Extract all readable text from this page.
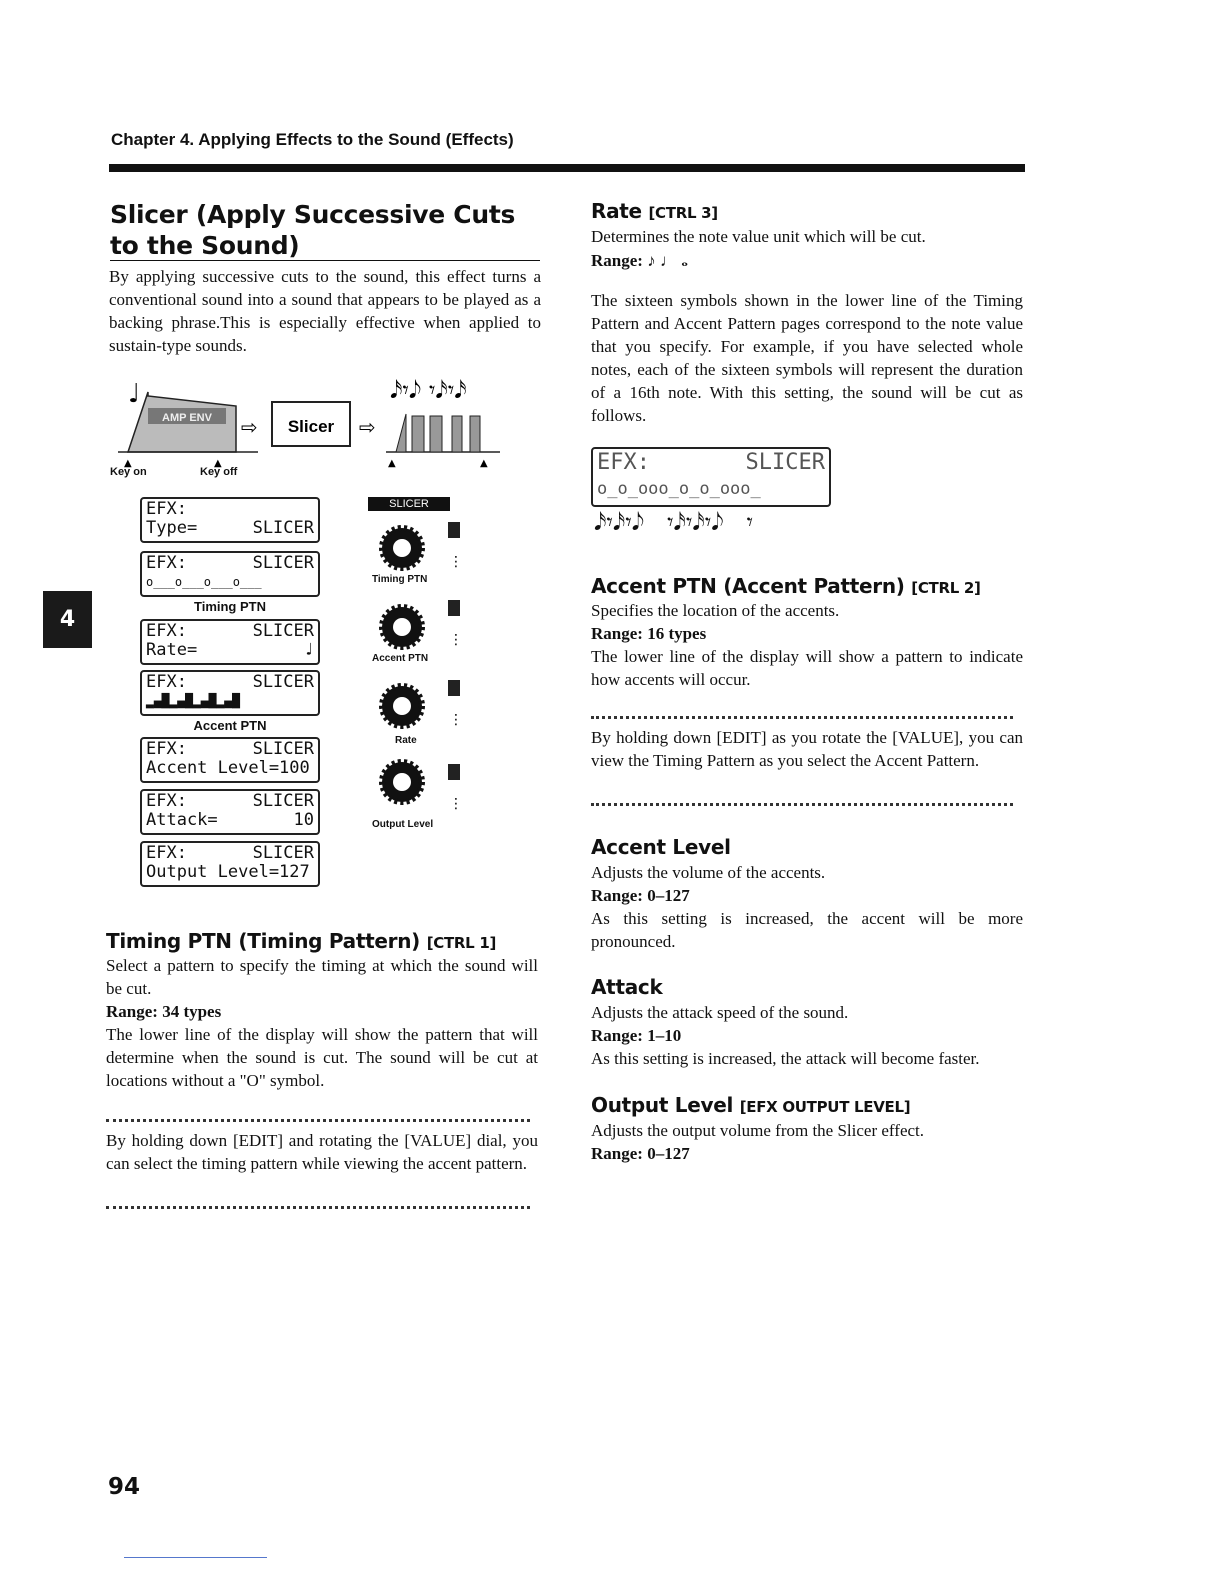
Chapter 4. Applying Effects to the Sound (Effects)
4
Slicer (Apply Successive Cuts to the Sound)
By applying successive cuts to the sound, this effect turns a conventional sound into a sound that appears to be played as a backing phrase.This is especially effective when applied to sustain-type sounds.
♩
AMP ENV ⇨ Slicer ⇨
𝅘𝅥𝅯𝄾𝅘𝅥𝅮 𝄾𝅘𝅥𝅯𝄾𝅘𝅥𝅯
▲	▲	▲	▲
Key on	Key off
EFX:
Type=	SLICER
EFX:	SLICER
o___o___o___o___
Timing PTN
EFX:	SLICER
Rate=	♩
EFX:	SLICER
▂▄█▂▄█▂▄█▂▄█
Accent PTN
EFX:	SLICER
Accent Level=100
EFX:	SLICER
Attack=	10
EFX:	SLICER
Output Level=127
SLICER
⋮
⋮
⋮
⋮
Timing PTN
Accent PTN
Rate
Output Level
Timing PTN (Timing Pattern) [CTRL 1]

Select a pattern to specify the timing at which the sound will be cut.

Range: 34 types

The lower line of the display will show the pattern that will determine when the sound is cut. The sound will be cut at locations without a "O" symbol.

By holding down [EDIT] and rotating the [VALUE] dial, you can select the timing pattern while viewing the accent pattern.
Rate [CTRL 3]
Determines the note value unit which will be cut.
Range: ♪ ♩ 𝅝
The sixteen symbols shown in the lower line of the Timing Pattern and Accent Pattern pages correspond to the note value that you specify. For example, if you have selected whole notes, each of the sixteen symbols will represent the duration of a 16th note. With this setting, the sound will be cut as follows.
EFX:	SLICER
o_o_ooo_o_o_ooo_
𝅘𝅥𝅯𝄾𝅘𝅥𝅯𝄾𝅘𝅥𝅮   𝄾𝅘𝅥𝅯𝄾𝅘𝅥𝅯𝄾𝅘𝅥𝅮   𝄾
Accent PTN (Accent Pattern) [CTRL 2]

Specifies the location of the accents.

Range: 16 types

The lower line of the display will show a pattern to indicate how accents will occur.

By holding down [EDIT] as you rotate the [VALUE], you can view the Timing Pattern as you select the Accent Pattern.
Accent Level

Adjusts the volume of the accents.

Range: 0–127

As this setting is increased, the accent will be more pronounced.

Attack

Adjusts the attack speed of the sound.

Range: 1–10

As this setting is increased, the attack will become faster.

Output Level [EFX OUTPUT LEVEL]

Adjusts the output volume from the Slicer effect.

Range: 0–127

94
